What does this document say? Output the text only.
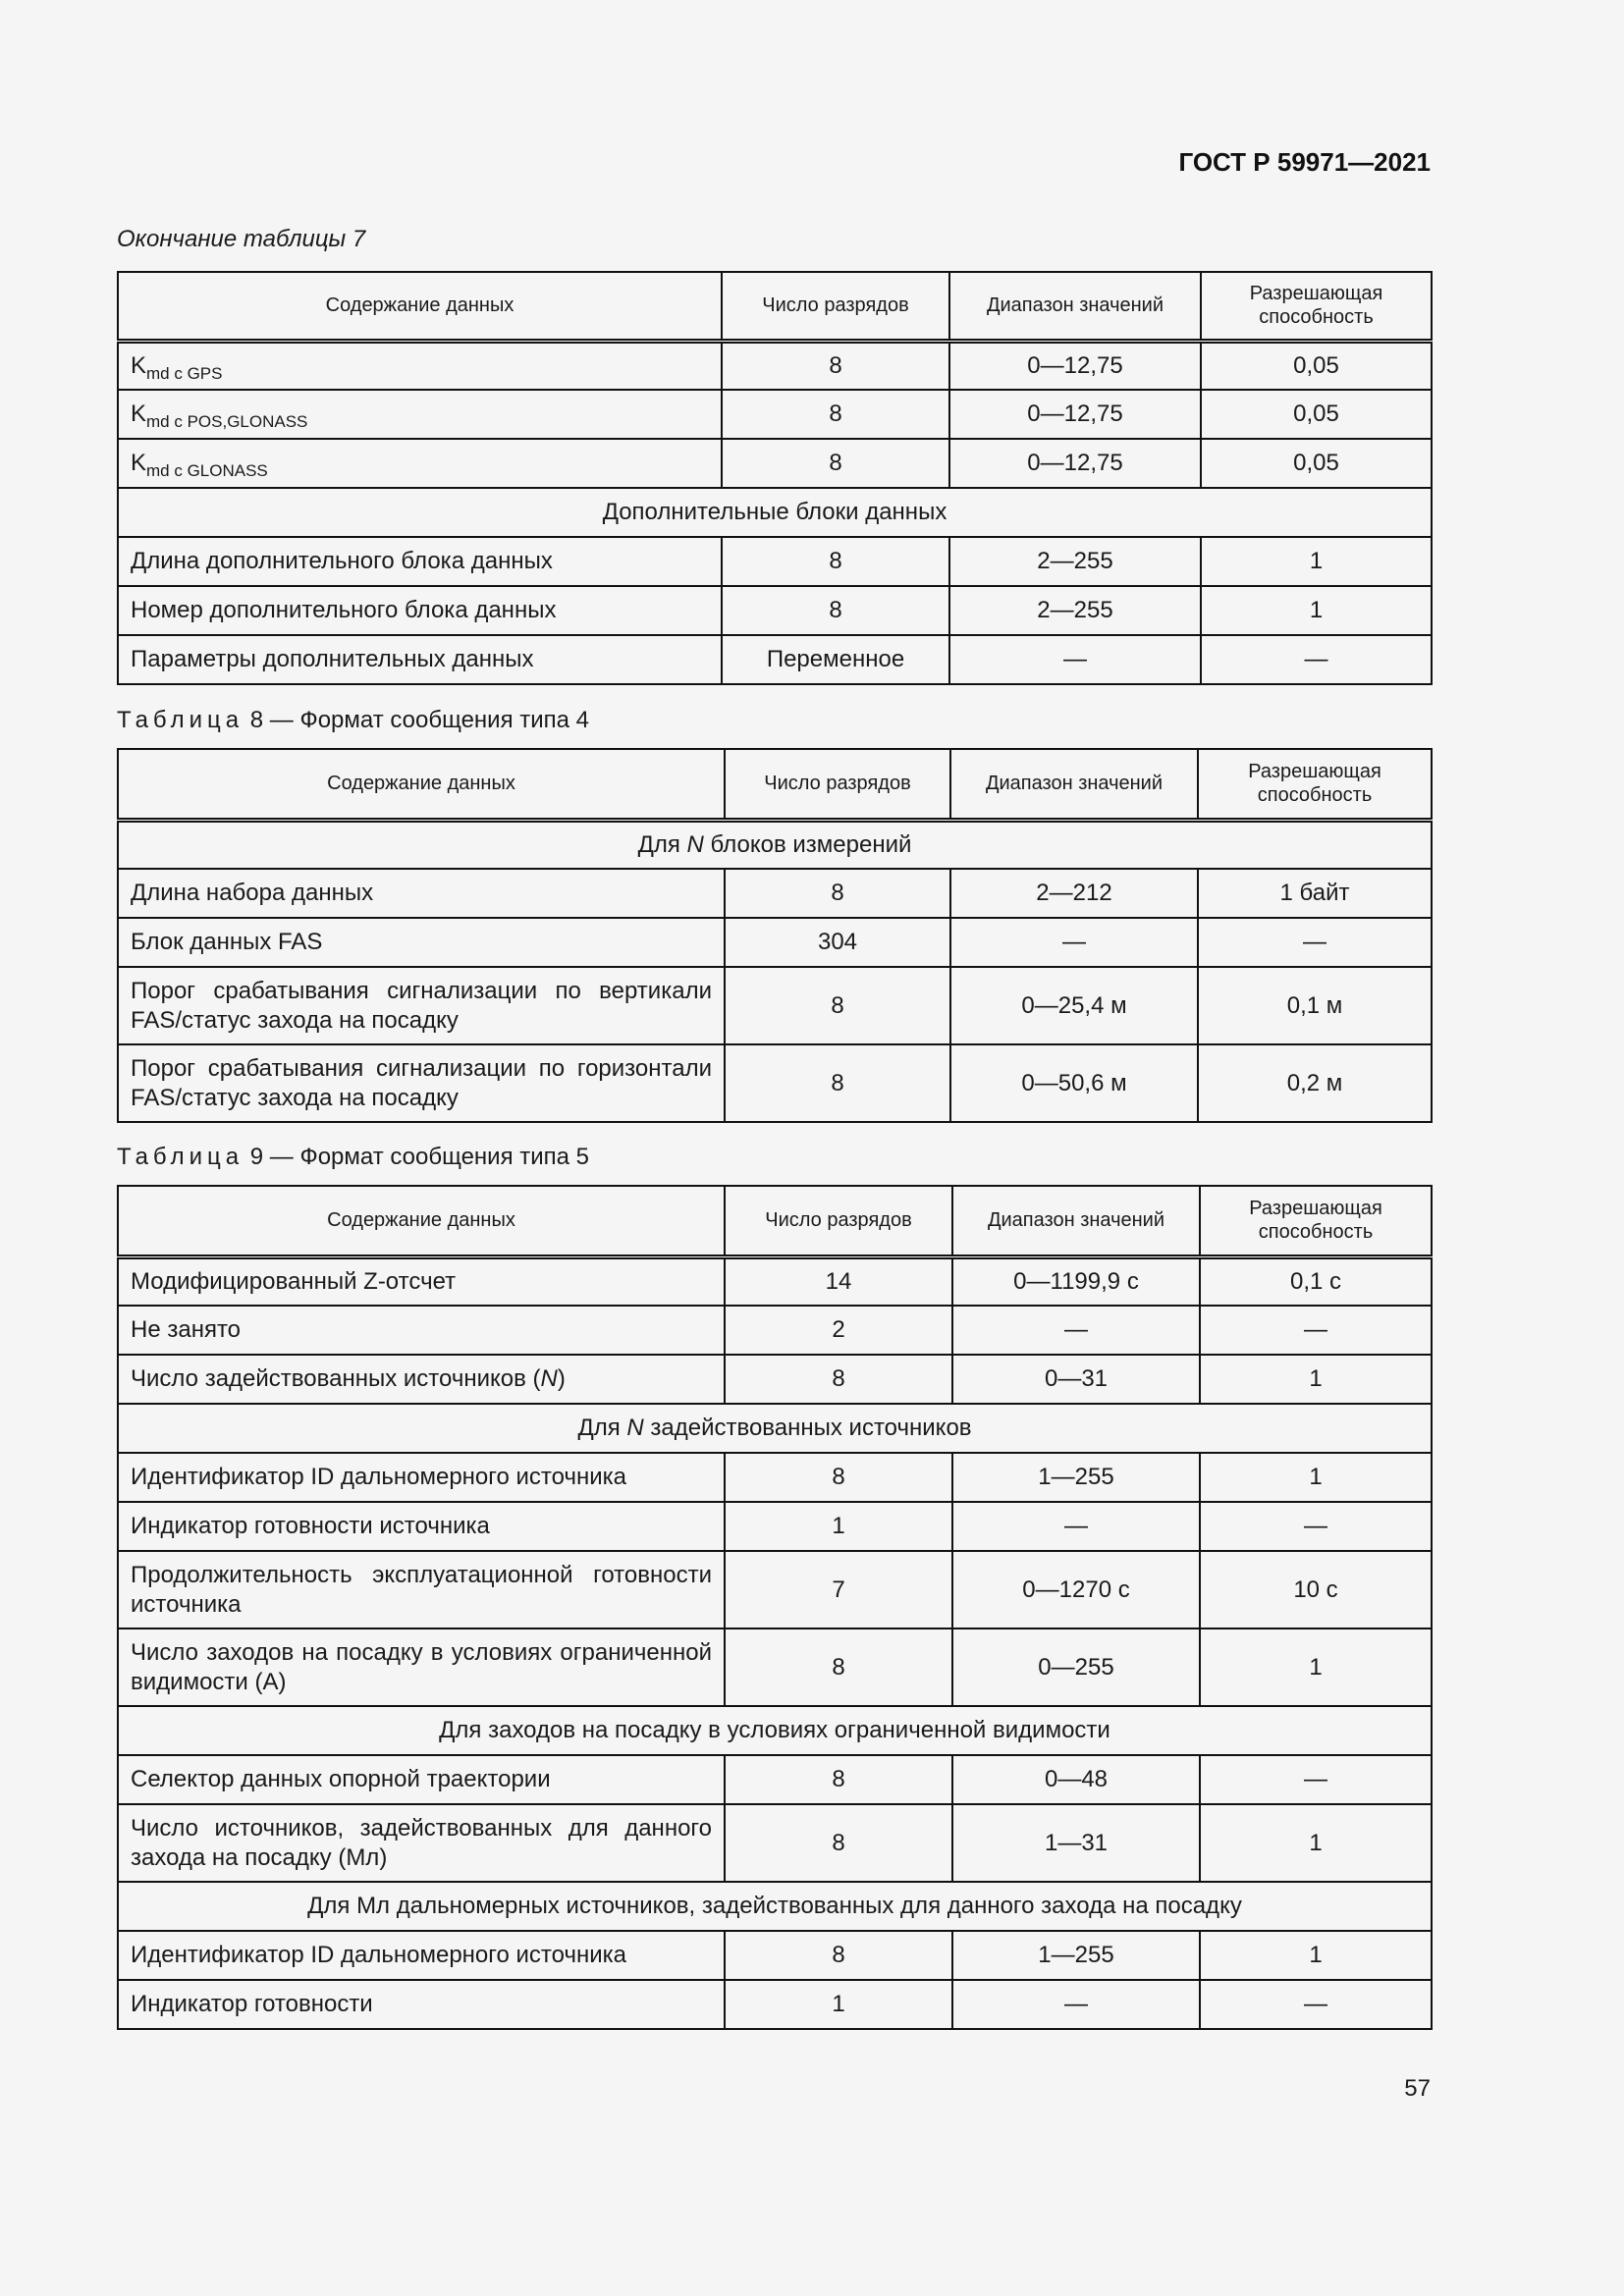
ГОСТ Р 59971—2021
Окончание таблицы 7
Содержание данных	Число разрядов	Диапазон значений	Разрешающая способность
$K_{md с GPS}$	8	0—12,75	0,05
$K_{md с POS,GLONASS}$	8	0—12,75	0,05
$K_{md с GLONASS}$	8	0—12,75	0,05
Дополнительные блоки данных			
Длина дополнительного блока данных	8	2—255	1
Номер дополнительного блока данных	8	2—255	1
Параметры дополнительных данных	Переменное	—	—
Таблица 8 — Формат сообщения типа 4
Содержание данных	Число разрядов	Диапазон значений	Разрешающая способность
Для N блоков измерений			
Длина набора данных	8	2—212	1 байт
Блок данных FAS	304	—	—
Порог срабатывания сигнализации по вертикали FAS/статус захода на посадку	8	0—25,4 м	0,1 м
Порог срабатывания сигнализации по горизонтали FAS/статус захода на посадку	8	0—50,6 м	0,2 м
Таблица 9 — Формат сообщения типа 5
Содержание данных	Число разрядов	Диапазон значений	Разрешающая способность
Модифицированный Z-отсчет	14	0—1199,9 с	0,1 с
Не занято	2	—	—
Число задействованных источников (N)	8	0—31	1
Для N задействованных источников			
Идентификатор ID дальномерного источника	8	1—255	1
Индикатор готовности источника	1	—	—
Продолжительность эксплуатационной готовности источника	7	0—1270 с	10 с
Число заходов на посадку в условиях ограниченной видимости (А)	8	0—255	1
Для заходов на посадку в условиях ограниченной видимости			
Селектор данных опорной траектории	8	0—48	—
Число источников, задействованных для данного захода на посадку (Мл)	8	1—31	1
Для Мл дальномерных источников, задействованных для данного захода на посадку			
Идентификатор ID дальномерного источника	8	1—255	1
Индикатор готовности	1	—	—
57
